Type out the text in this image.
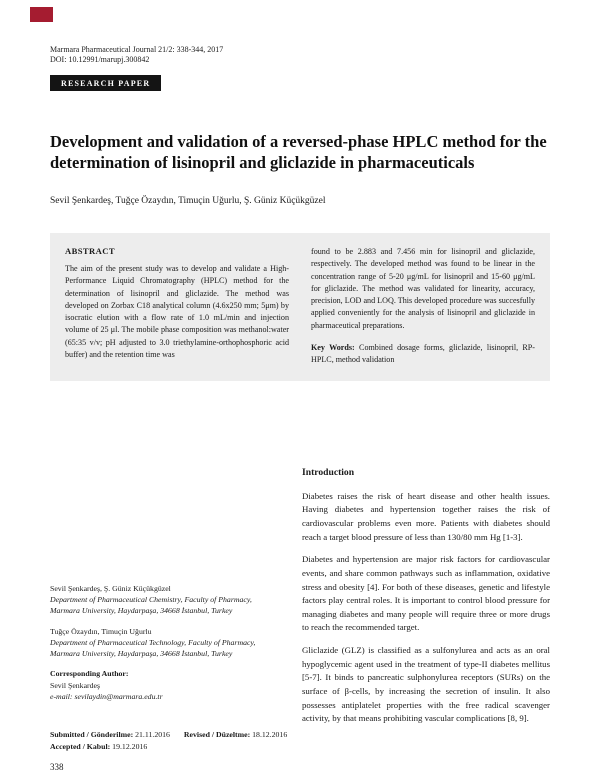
Marmara Pharmaceutical Journal 21/2: 338-344, 2017
DOI: 10.12991/marupj.300842
RESEARCH PAPER
Development and validation of a reversed-phase HPLC method for the determination of lisinopril and gliclazide in pharmaceuticals
Sevil Şenkardeş, Tuğçe Özaydın, Timuçin Uğurlu, Ş. Güniz Küçükgüzel
ABSTRACT

The aim of the present study was to develop and validate a High-Performance Liquid Chromatography (HPLC) method for the determination of lisinopril and gliclazide. The method was developed on Zorbax C18 analytical column (4.6x250 mm; 5μm) by isocratic elution with a flow rate of 1.0 mL/min and injection volume of 25 μl. The mobile phase composition was methanol:water (65:35 v/v; pH adjusted to 3.0 triethylamine-orthophosphoric acid buffer) and the retention time was

found to be 2.883 and 7.456 min for lisinopril and gliclazide, respectively. The developed method was found to be linear in the concentration range of 5-20 μg/mL for lisinopril and 15-60 μg/mL for gliclazide. The method was validated for linearity, accuracy, precision, LOD and LOQ. This developed procedure was succesfully applied conveniently for the analysis of lisinopril and gliclazide in pharmaceutical preparations.

Key Words: Combined dosage forms, gliclazide, lisinopril, RP-HPLC, method validation

Sevil Şenkardeş, Ş. Güniz Küçükgüzel
Department of Pharmaceutical Chemistry, Faculty of Pharmacy, Marmara University, Haydarpaşa, 34668 İstanbul, Turkey
Tuğçe Özaydın, Timuçin Uğurlu
Department of Pharmaceutical Technology, Faculty of Pharmacy, Marmara University, Haydarpaşa, 34668 İstanbul, Turkey
Corresponding Author:
Sevil Şenkardeş
e-mail: sevilaydin@marmara.edu.tr
Submitted / Gönderilme: 21.11.2016 Revised / Düzeltme: 18.12.2016
Accepted / Kabul: 19.12.2016
338
Introduction

Diabetes raises the risk of heart disease and other health issues. Having diabetes and hypertension together raises the risk of cardiovascular problems even more. Patients with diabetes should reach a target blood pressure of less than 130/80 mm Hg [1-3].

Diabetes and hypertension are major risk factors for cardiovascular events, and share common pathways such as inflammation, oxidative stress and obesity [4]. For both of these diseases, genetic and lifestyle factors play central roles. It is important to control blood pressure for managing diabetes and many people will require three or more drugs to reach the recommended target.

Gliclazide (GLZ) is classified as a sulfonylurea and acts as an oral hypoglycemic agent used in the treatment of type-II diabetes mellitus [5-7]. It binds to pancreatic sulphonylurea receptors (SURs) on the surface of β-cells, by increasing the secretion of insulin. It also possesses antiplatelet properties with the free radical scavenger activity, by that means prohibiting vascular complications [8, 9].
